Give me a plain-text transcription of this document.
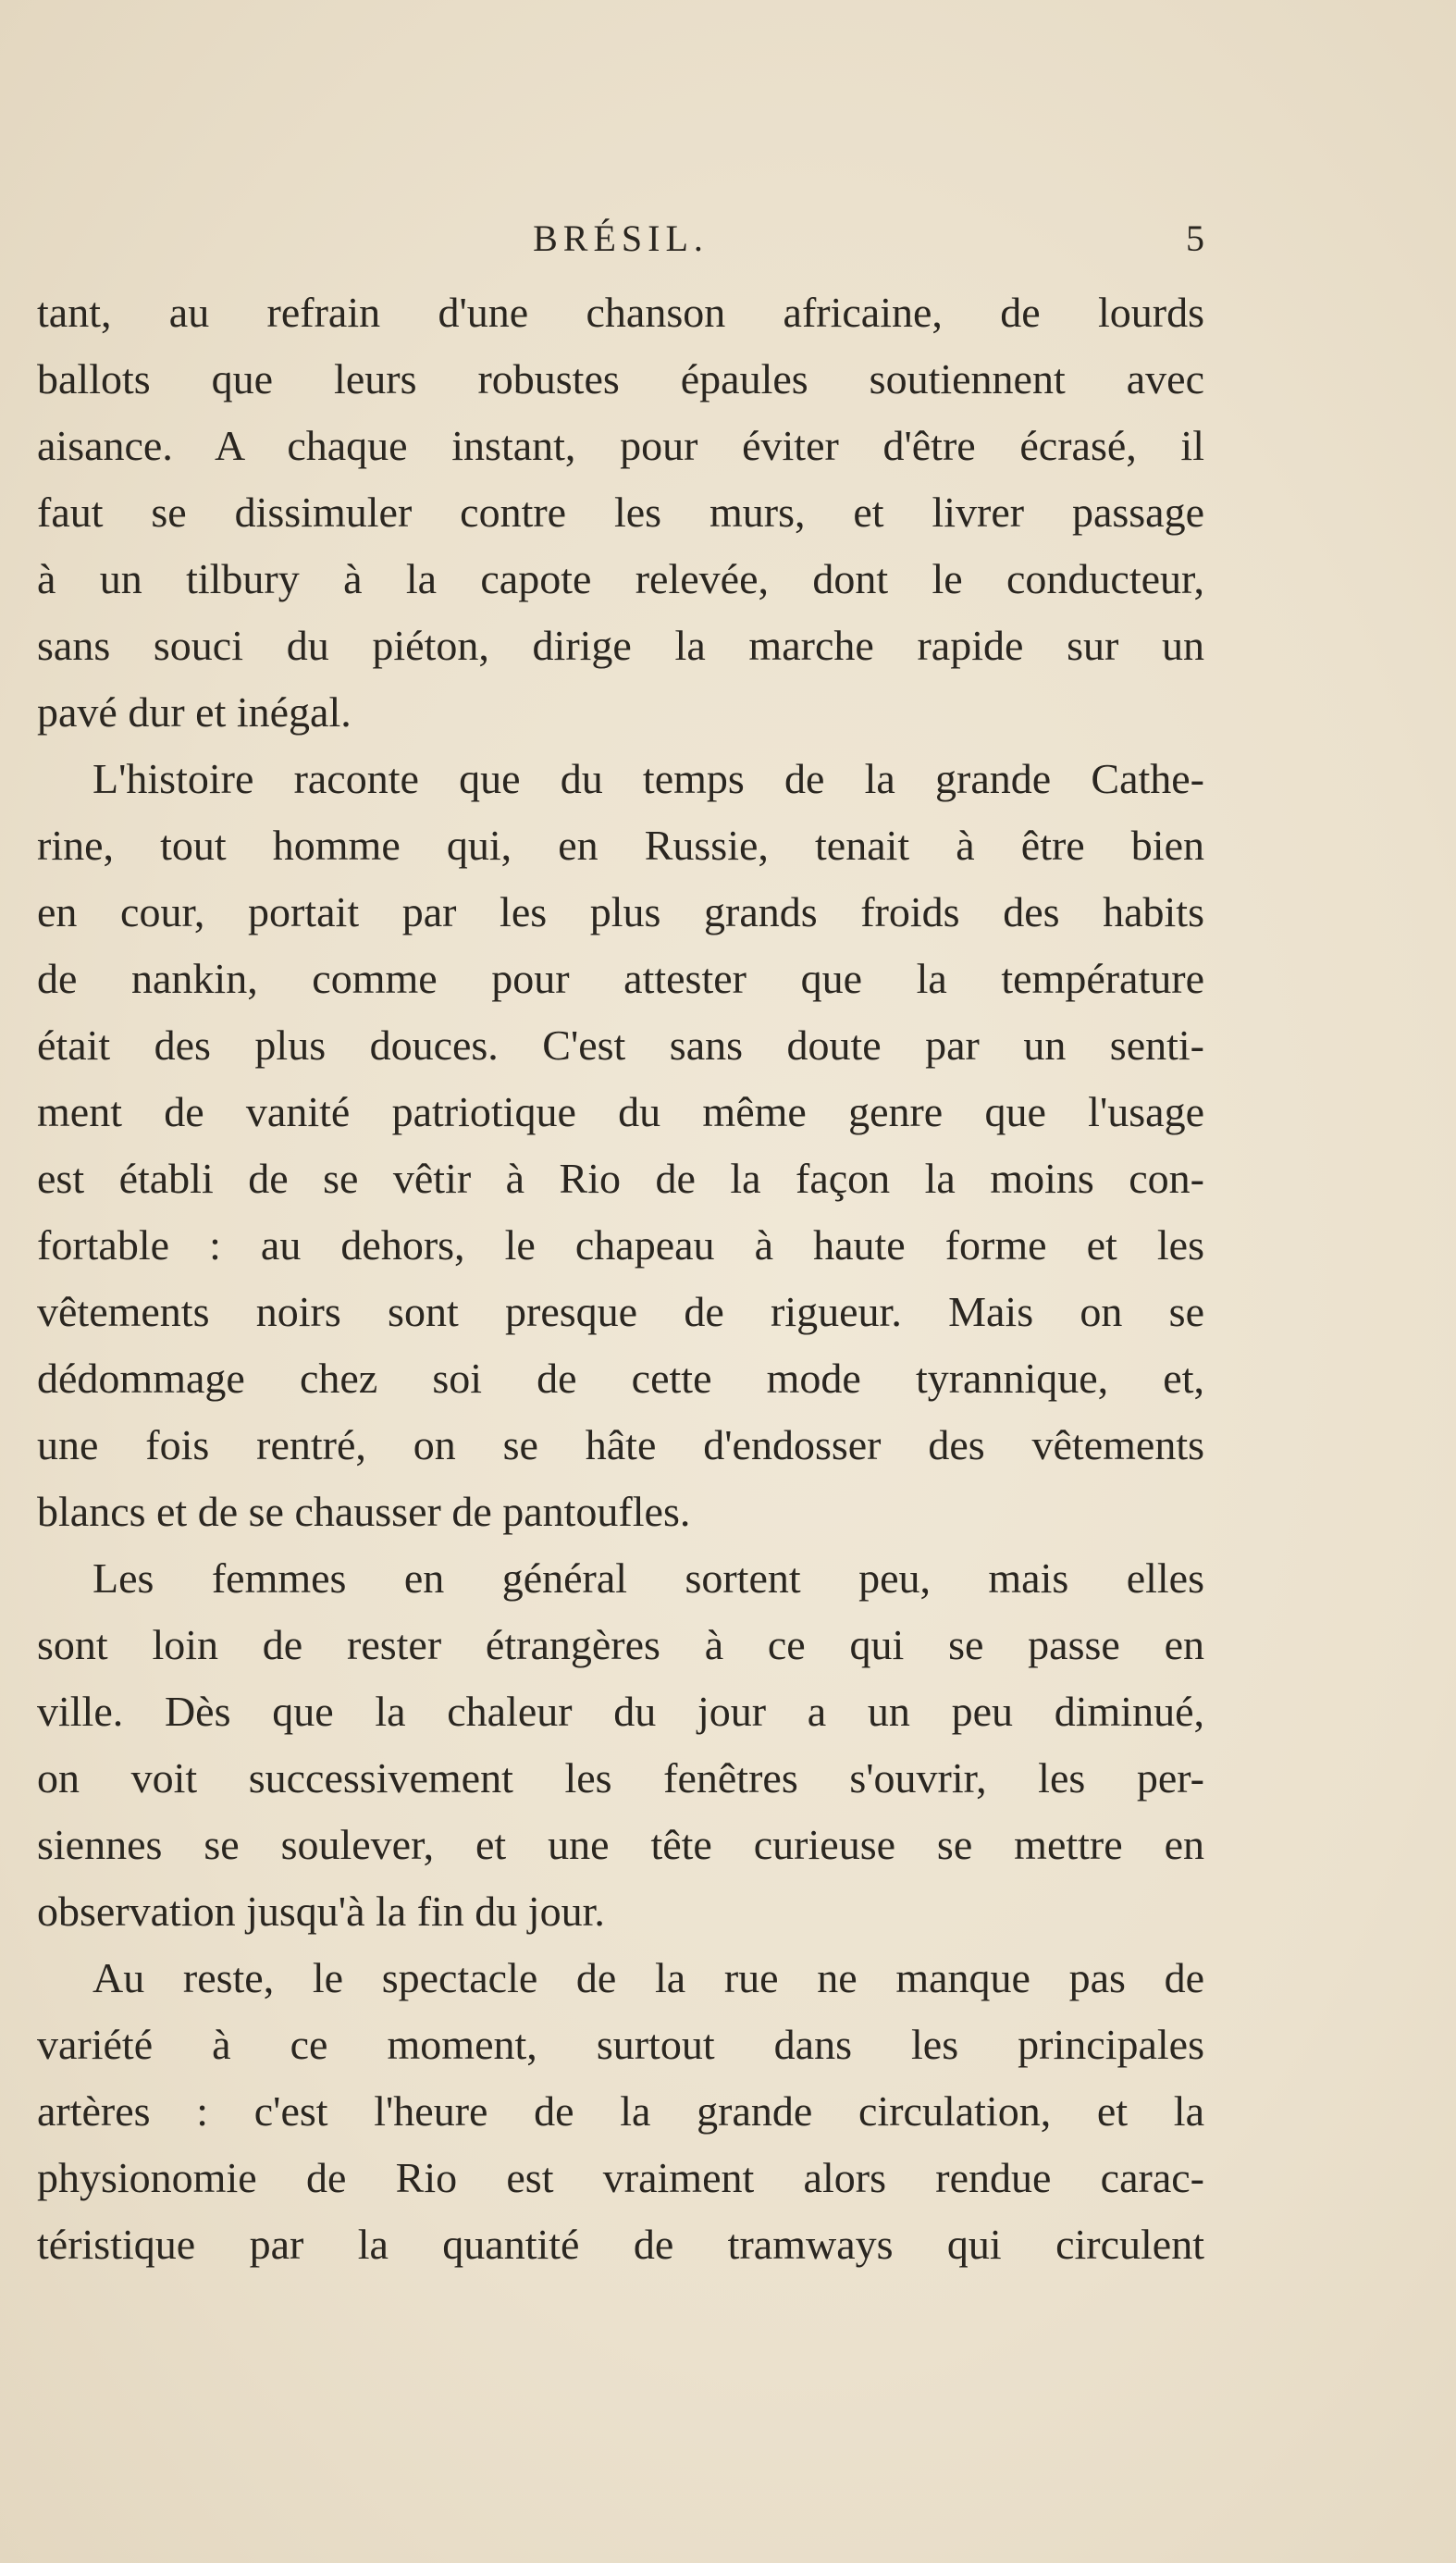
BRÉSIL.	5
tant, au refrain d'une chanson africaine, de lourds
ballots que leurs robustes épaules soutiennent avec
aisance. A chaque instant, pour éviter d'être écrasé, il
faut se dissimuler contre les murs, et livrer passage
à un tilbury à la capote relevée, dont le conducteur,
sans souci du piéton, dirige la marche rapide sur un
pavé dur et inégal.
L'histoire raconte que du temps de la grande Cathe-
rine, tout homme qui, en Russie, tenait à être bien
en cour, portait par les plus grands froids des habits
de nankin, comme pour attester que la température
était des plus douces. C'est sans doute par un senti-
ment de vanité patriotique du même genre que l'usage
est établi de se vêtir à Rio de la façon la moins con-
fortable : au dehors, le chapeau à haute forme et les
vêtements noirs sont presque de rigueur. Mais on se
dédommage chez soi de cette mode tyrannique, et,
une fois rentré, on se hâte d'endosser des vêtements
blancs et de se chausser de pantoufles.
Les femmes en général sortent peu, mais elles
sont loin de rester étrangères à ce qui se passe en
ville. Dès que la chaleur du jour a un peu diminué,
on voit successivement les fenêtres s'ouvrir, les per-
siennes se soulever, et une tête curieuse se mettre en
observation jusqu'à la fin du jour.
Au reste, le spectacle de la rue ne manque pas de
variété à ce moment, surtout dans les principales
artères : c'est l'heure de la grande circulation, et la
physionomie de Rio est vraiment alors rendue carac-
téristique par la quantité de tramways qui circulent
